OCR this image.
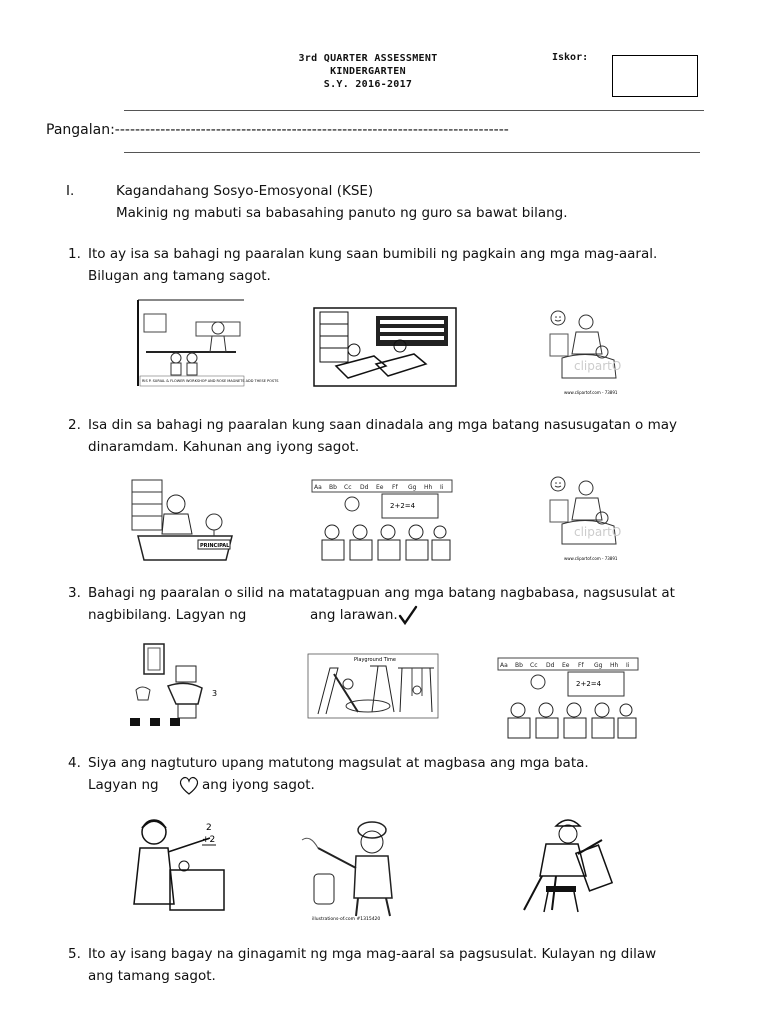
3rd QUARTER ASSESSMENT
KINDERGARTEN
S.Y. 2016-2017
Iskor:
Pangalan:------------------------------------------------------------------------------
I.	Kagandahang Sosyo-Emosyonal (KSE)
Makinig ng mabuti sa babasahing panuto ng guro sa bawat bilang.
1. Ito ay isa sa bahagi ng paaralan kung saan bumibili ng pagkain ang mga mag-aaral.
Bilugan ang tamang sagot.
RIS P. SURIAL & FLOWER WORKSHOP AND ROSE MAGNETS ADD THESE POSTS
clipartO
www.clipartof.com - 73891
2. Isa din sa bahagi ng paaralan kung saan dinadala ang mga batang nasusugatan o may
dinaramdam. Kahunan ang iyong sagot.
PRINCIPAL
Aa Bb Cc Dd Ee Ff Gg Hh Ii
2+2=4
clipartO
www.clipartof.com - 73891
3. Bahagi ng paaralan o silid na matatagpuan ang mga batang nagbabasa, nagsusulat at
nagbibilang. Lagyan ng	ang larawan.
3
Playground Time
Aa Bb Cc Dd Ee Ff Gg Hh Ii
2+2=4
4. Siya ang nagtuturo upang matutong magsulat at magbasa ang mga bata.
Lagyan ng	ang iyong sagot.
2
+2
illustrations-of.com #1315420
5. Ito ay isang bagay na ginagamit ng mga mag-aaral sa pagsusulat. Kulayan ng dilaw
ang tamang sagot.
